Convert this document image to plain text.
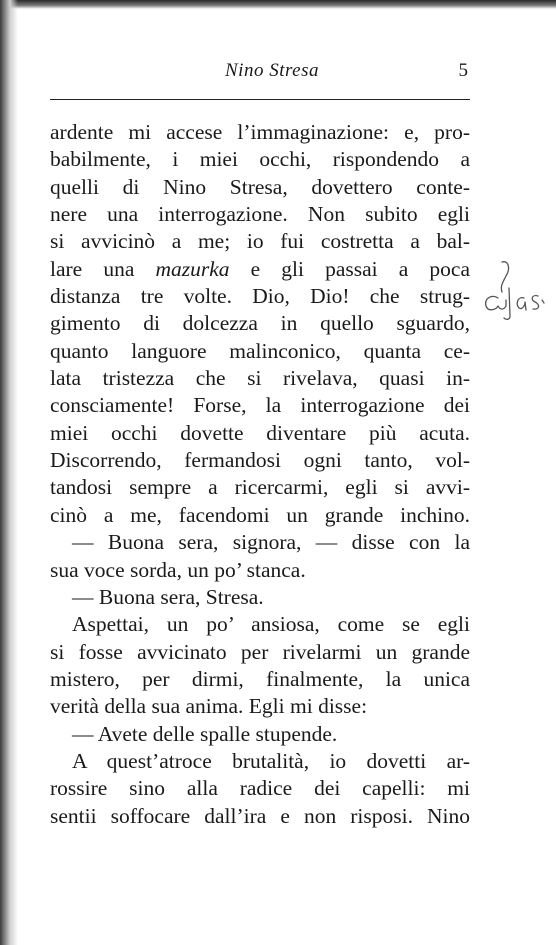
Nino Stresa	5
ardente mi accese l’immaginazione: e, pro-
babilmente, i miei occhi, rispondendo a
quelli di Nino Stresa, dovettero conte-
nere una interrogazione. Non subito egli
si avvicinò a me; io fui costretta a bal-
lare una mazurka e gli passai a poca
distanza tre volte. Dio, Dio! che strug-
gimento di dolcezza in quello sguardo,
quanto languore malinconico, quanta ce-
lata tristezza che si rivelava, quasi in-
consciamente! Forse, la interrogazione dei
miei occhi dovette diventare più acuta.
Discorrendo, fermandosi ogni tanto, vol-
tandosi sempre a ricercarmi, egli si avvi-
cinò a me, facendomi un grande inchino.
— Buona sera, signora, — disse con la
sua voce sorda, un po’ stanca.
— Buona sera, Stresa.
Aspettai, un po’ ansiosa, come se egli
si fosse avvicinato per rivelarmi un grande
mistero, per dirmi, finalmente, la unica
verità della sua anima. Egli mi disse:
— Avete delle spalle stupende.
A quest’atroce brutalità, io dovetti ar-
rossire sino alla radice dei capelli: mi
sentii soffocare dall’ira e non risposi. Nino
